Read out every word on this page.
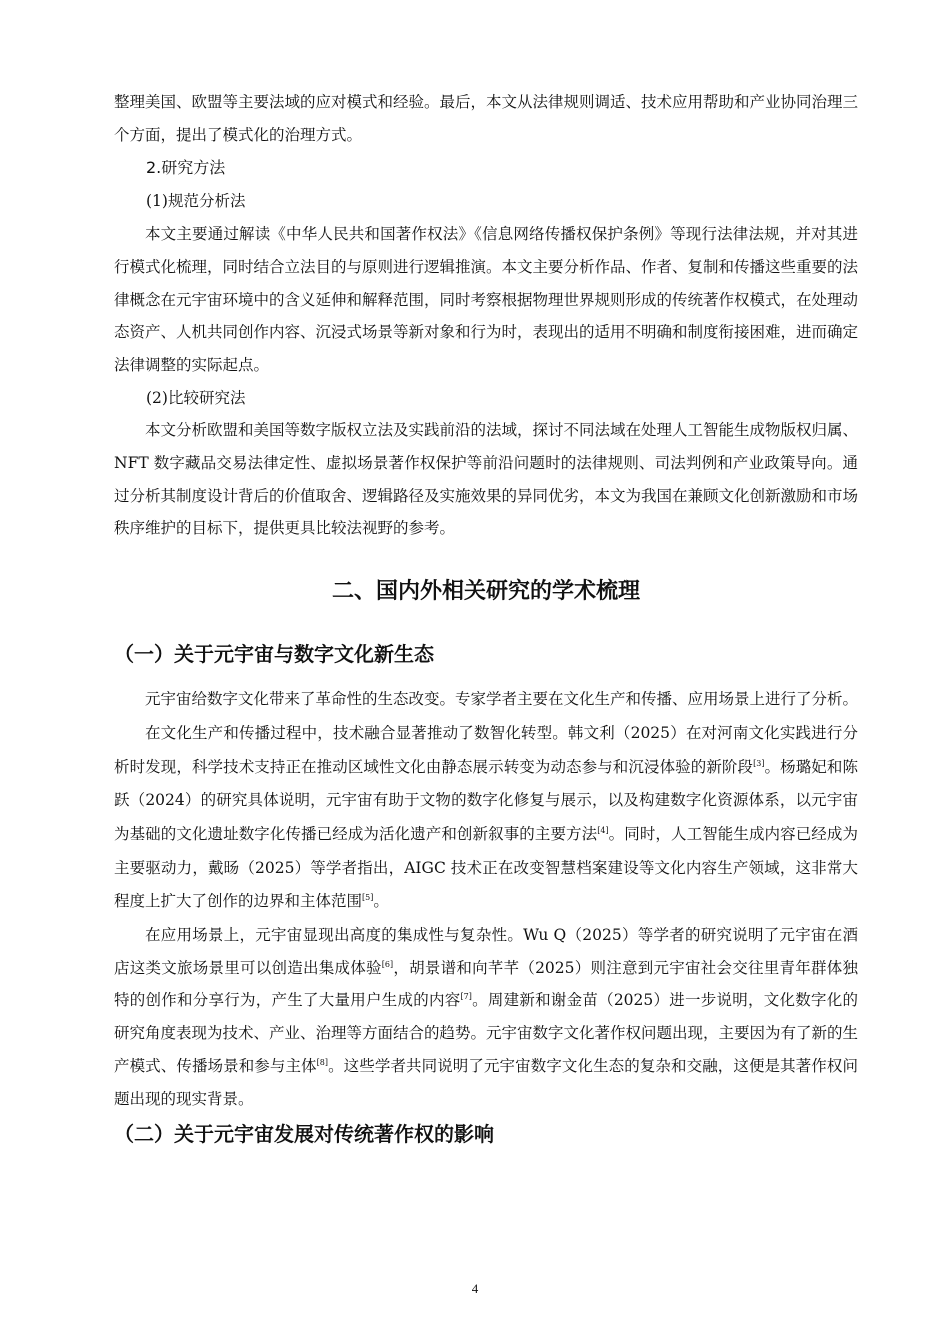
整理美国、欧盟等主要法域的应对模式和经验。最后，本文从法律规则调适、技术应用帮助和产业协同治理三个方面，提出了模式化的治理方式。

2.研究方法

(1)规范分析法

本文主要通过解读《中华人民共和国著作权法》《信息网络传播权保护条例》等现行法律法规，并对其进行模式化梳理，同时结合立法目的与原则进行逻辑推演。本文主要分析作品、作者、复制和传播这些重要的法律概念在元宇宙环境中的含义延伸和解释范围，同时考察根据物理世界规则形成的传统著作权模式，在处理动态资产、人机共同创作内容、沉浸式场景等新对象和行为时，表现出的适用不明确和制度衔接困难，进而确定法律调整的实际起点。

(2)比较研究法

本文分析欧盟和美国等数字版权立法及实践前沿的法域，探讨不同法域在处理人工智能生成物版权归属、NFT 数字藏品交易法律定性、虚拟场景著作权保护等前沿问题时的法律规则、司法判例和产业政策导向。通过分析其制度设计背后的价值取舍、逻辑路径及实施效果的异同优劣，本文为我国在兼顾文化创新激励和市场秩序维护的目标下，提供更具比较法视野的参考。

二、国内外相关研究的学术梳理
（一）关于元宇宙与数字文化新生态

元宇宙给数字文化带来了革命性的生态改变。专家学者主要在文化生产和传播、应用场景上进行了分析。

在文化生产和传播过程中，技术融合显著推动了数智化转型。韩文利（2025）在对河南文化实践进行分析时发现，科学技术支持正在推动区域性文化由静态展示转变为动态参与和沉浸体验的新阶段[3]。杨璐妃和陈跃（2024）的研究具体说明，元宇宙有助于文物的数字化修复与展示，以及构建数字化资源体系，以元宇宙为基础的文化遗址数字化传播已经成为活化遗产和创新叙事的主要方法[4]。同时，人工智能生成内容已经成为主要驱动力，戴旸（2025）等学者指出，AIGC 技术正在改变智慧档案建设等文化内容生产领域，这非常大程度上扩大了创作的边界和主体范围[5]。

在应用场景上，元宇宙显现出高度的集成性与复杂性。Wu Q（2025）等学者的研究说明了元宇宙在酒店这类文旅场景里可以创造出集成体验[6]，胡景谱和向芊芊（2025）则注意到元宇宙社会交往里青年群体独特的创作和分享行为，产生了大量用户生成的内容[7]。周建新和谢金苗（2025）进一步说明，文化数字化的研究角度表现为技术、产业、治理等方面结合的趋势。元宇宙数字文化著作权问题出现，主要因为有了新的生产模式、传播场景和参与主体[8]。这些学者共同说明了元宇宙数字文化生态的复杂和交融，这便是其著作权问题出现的现实背景。

（二）关于元宇宙发展对传统著作权的影响
4
